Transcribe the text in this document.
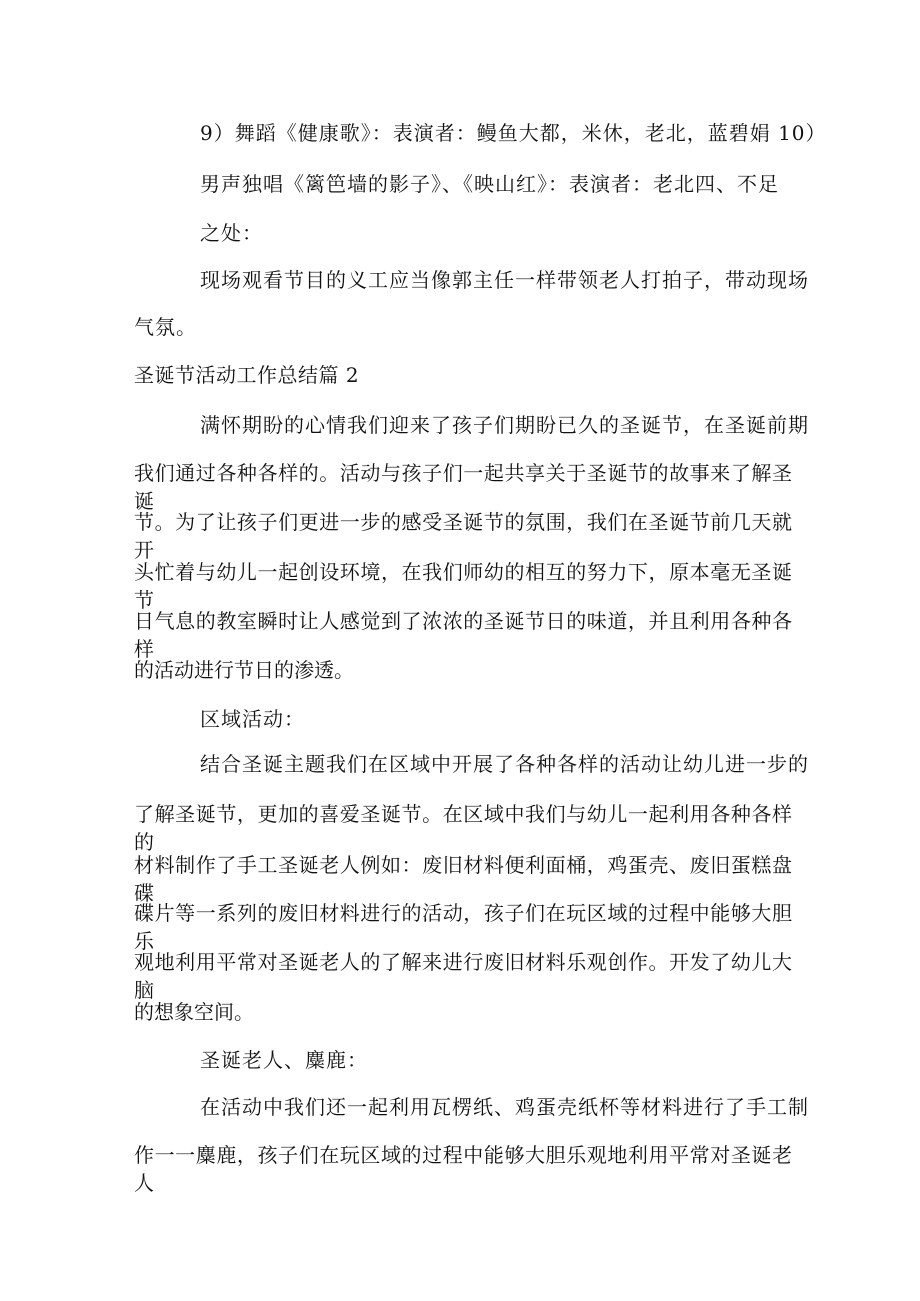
9）舞蹈《健康歌》：表演者：鳗鱼大都，米休，老北，蓝碧娟 10）
男声独唱《篱笆墙的影子》、《映山红》：表演者：老北四、不足
之处：
现场观看节目的义工应当像郭主任一样带领老人打拍子，带动现场
气氛。
圣诞节活动工作总结篇 2
满怀期盼的心情我们迎来了孩子们期盼已久的圣诞节，在圣诞前期
我们通过各种各样的。活动与孩子们一起共享关于圣诞节的故事来了解圣诞
节。为了让孩子们更进一步的感受圣诞节的氛围，我们在圣诞节前几天就开
头忙着与幼儿一起创设环境，在我们师幼的相互的努力下，原本毫无圣诞节
日气息的教室瞬时让人感觉到了浓浓的圣诞节日的味道，并且利用各种各样
的活动进行节日的渗透。
区域活动：
结合圣诞主题我们在区域中开展了各种各样的活动让幼儿进一步的
了解圣诞节，更加的喜爱圣诞节。在区域中我们与幼儿一起利用各种各样的
材料制作了手工圣诞老人例如：废旧材料便利面桶，鸡蛋壳、废旧蛋糕盘碟
碟片等一系列的废旧材料进行的活动，孩子们在玩区域的过程中能够大胆乐
观地利用平常对圣诞老人的了解来进行废旧材料乐观创作。开发了幼儿大脑
的想象空间。
圣诞老人、麋鹿：
在活动中我们还一起利用瓦楞纸、鸡蛋壳纸杯等材料进行了手工制
作一一麋鹿，孩子们在玩区域的过程中能够大胆乐观地利用平常对圣诞老人
